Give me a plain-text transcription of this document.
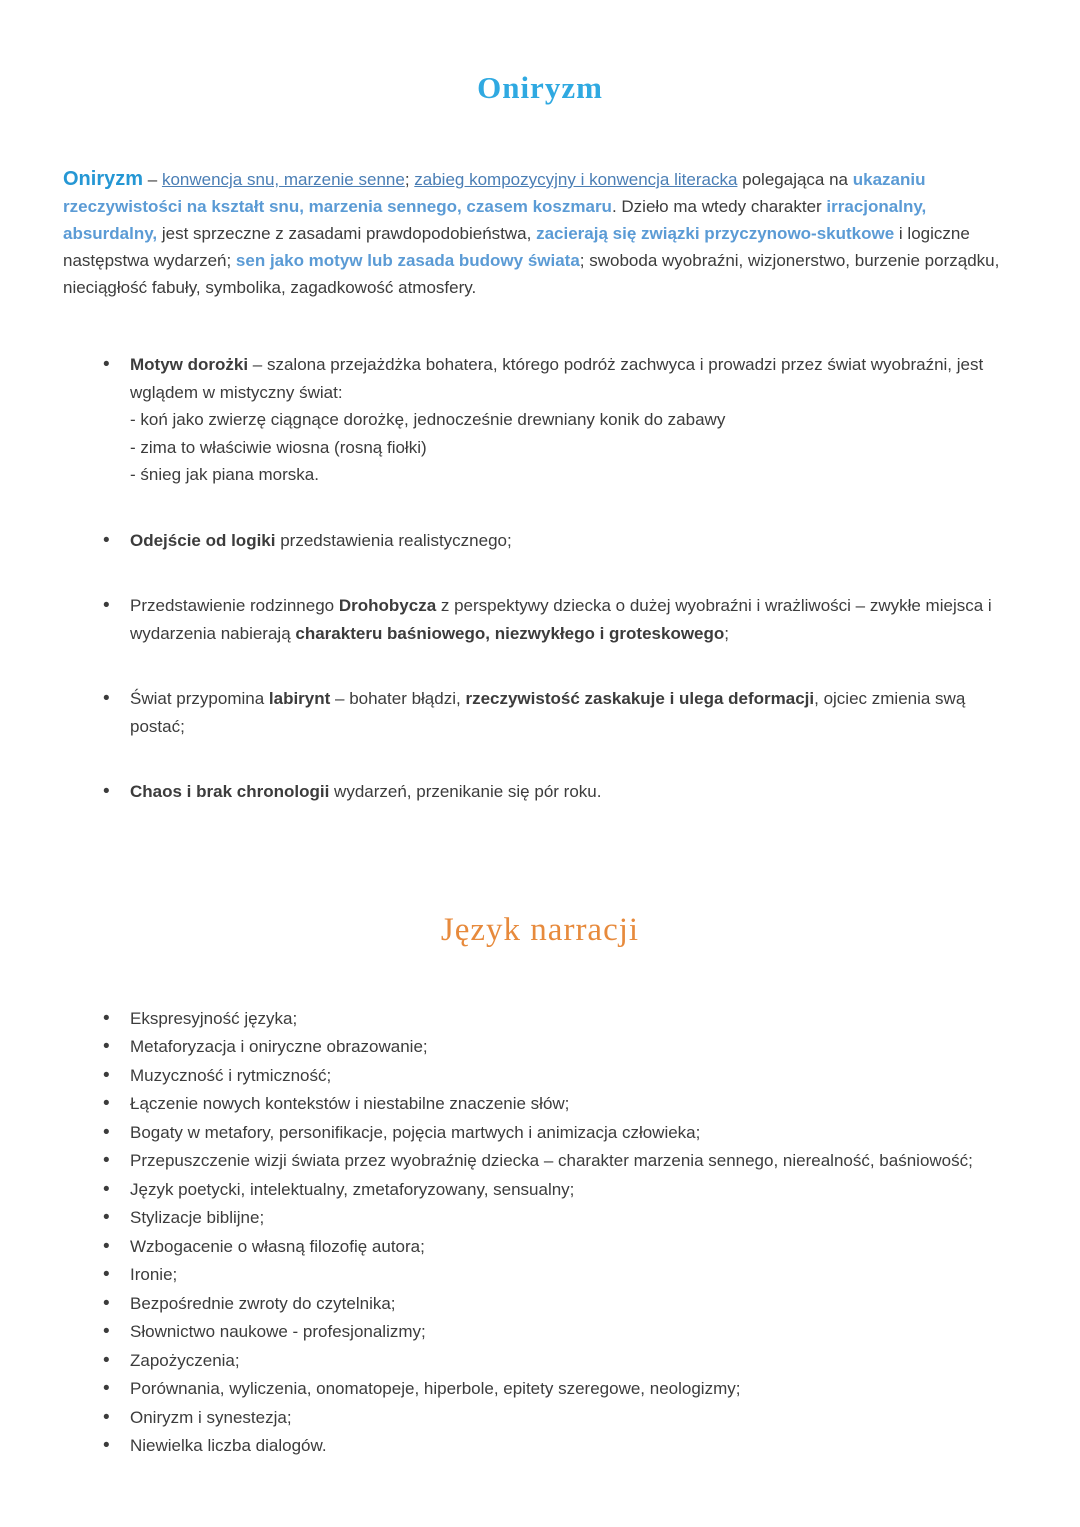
Oniryzm

Oniryzm – konwencja snu, marzenie senne; zabieg kompozycyjny i konwencja literacka polegająca na ukazaniu rzeczywistości na kształt snu, marzenia sennego, czasem koszmaru. Dzieło ma wtedy charakter irracjonalny, absurdalny, jest sprzeczne z zasadami prawdopodobieństwa, zacierają się związki przyczynowo-skutkowe i logiczne następstwa wydarzeń; sen jako motyw lub zasada budowy świata; swoboda wyobraźni, wizjonerstwo, burzenie porządku, nieciągłość fabuły, symbolika, zagadkowość atmosfery.

• Motyw dorożki – szalona przejażdżka bohatera, którego podróż zachwyca i prowadzi przez świat wyobraźni, jest wglądem w mistyczny świat:
- koń jako zwierzę ciągnące dorożkę, jednocześnie drewniany konik do zabawy
- zima to właściwie wiosna (rosną fiołki)
- śnieg jak piana morska.
• Odejście od logiki przedstawienia realistycznego;
• Przedstawienie rodzinnego Drohobycza z perspektywy dziecka o dużej wyobraźni i wrażliwości – zwykłe miejsca i wydarzenia nabierają charakteru baśniowego, niezwykłego i groteskowego;
• Świat przypomina labirynt – bohater błądzi, rzeczywistość zaskakuje i ulega deformacji, ojciec zmienia swą postać;
• Chaos i brak chronologii wydarzeń, przenikanie się pór roku.
Język narracji
• Ekspresyjność języka;
• Metaforyzacja i oniryczne obrazowanie;
• Muzyczność i rytmiczność;
• Łączenie nowych kontekstów i niestabilne znaczenie słów;
• Bogaty w metafory, personifikacje, pojęcia martwych i animizacja człowieka;
• Przepuszczenie wizji świata przez wyobraźnię dziecka – charakter marzenia sennego, nierealność, baśniowość;
• Język poetycki, intelektualny, zmetaforyzowany, sensualny;
• Stylizacje biblijne;
• Wzbogacenie o własną filozofię autora;
• Ironie;
• Bezpośrednie zwroty do czytelnika;
• Słownictwo naukowe - profesjonalizmy;
• Zapożyczenia;
• Porównania, wyliczenia, onomatopeje, hiperbole, epitety szeregowe, neologizmy;
• Oniryzm i synestezja;
• Niewielka liczba dialogów.
